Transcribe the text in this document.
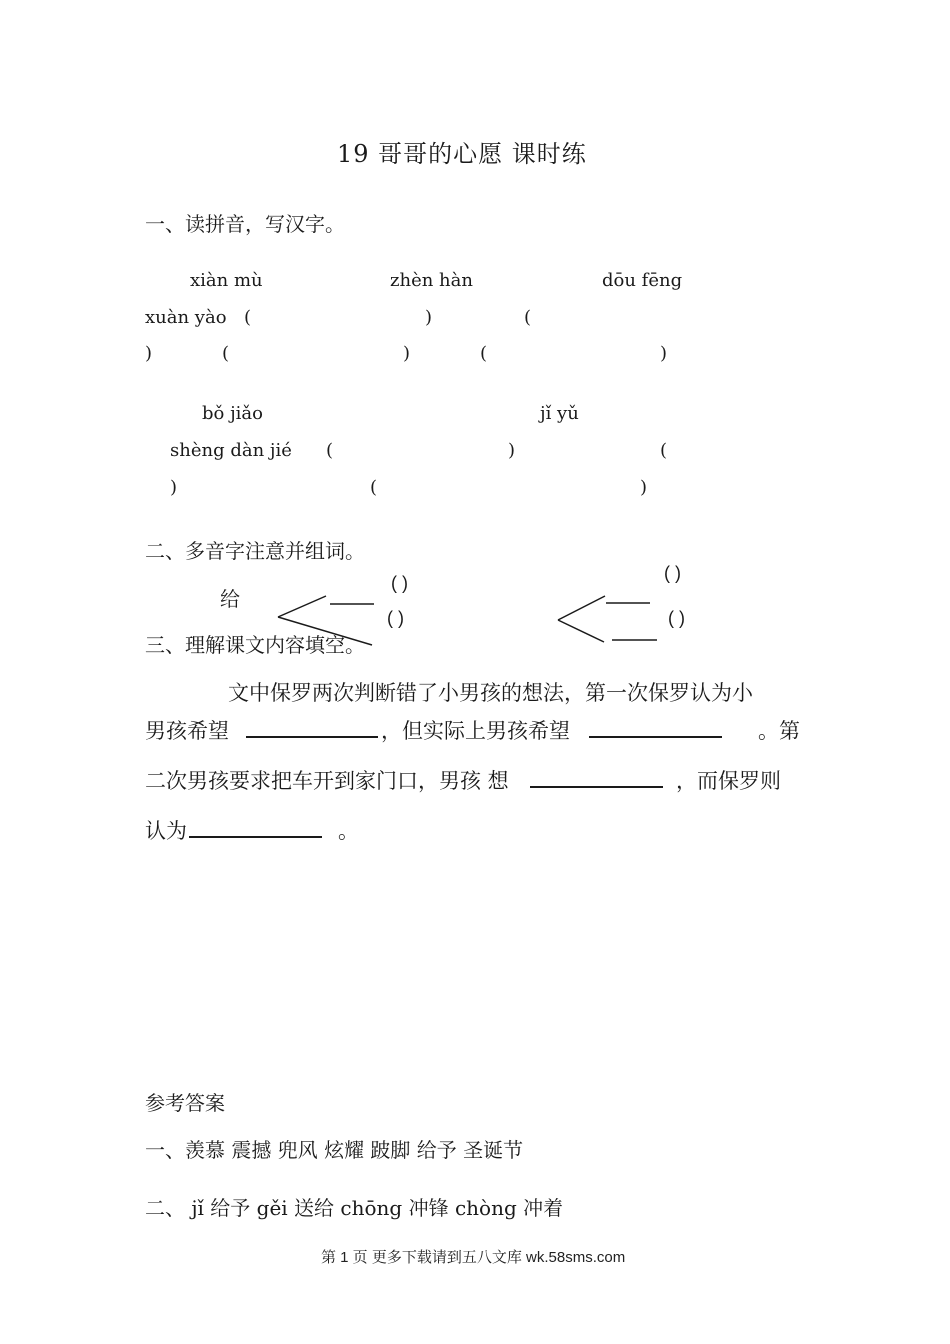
19 哥哥的心愿 课时练
一、读拼音，写汉字。
xiàn mù	zhèn hàn	dōu fēng
xuàn yào (	)	(
)	(	)	(	)
bǒ jiǎo	jǐ yǔ
shèng dàn jié (	)	(
)	(	)
二、多音字注意并组词。
给
( )
( )
( )
( )
三、理解课文内容填空。
文中保罗两次判断错了小男孩的想法，第一次保罗认为小
男孩希望	，但实际上男孩希望	。第
二次男孩要求把车开到家门口，男孩 想	，而保罗则
认为	。
参考答案
一、羡慕 震撼 兜风 炫耀 跛脚 给予 圣诞节
二、 jǐ 给予 gěi 送给 chōng 冲锋 chòng 冲着
第 1 页 更多下载请到五八文库 wk.58sms.com
